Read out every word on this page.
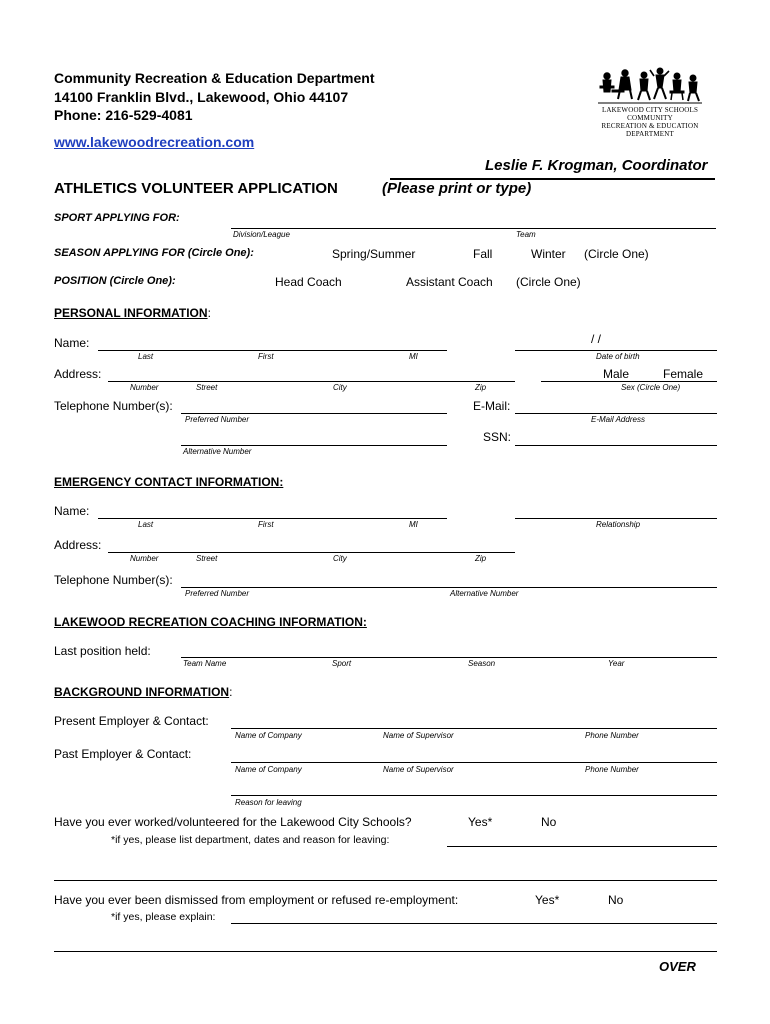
Community Recreation & Education Department
14100 Franklin Blvd., Lakewood, Ohio 44107
Phone: 216-529-4081
www.lakewoodrecreation.com
LAKEWOOD CITY SCHOOLS
COMMUNITY
RECREATION & EDUCATION
DEPARTMENT
Leslie F. Krogman, Coordinator
ATHLETICS VOLUNTEER APPLICATION	(Please print or type)
SPORT APPLYING FOR:
Division/League	Team
SEASON APPLYING FOR (Circle One):	Spring/Summer	Fall	Winter (Circle One)
POSITION (Circle One):	Head Coach	Assistant Coach (Circle One)
PERSONAL INFORMATION:
Name:
Last	First	MI
/ /
Date of birth
Address:
Number	Street	City	Zip
Male	Female
Sex (Circle One)
Telephone Number(s):
Preferred Number
E-Mail:
E-Mail Address
SSN:
Alternative Number
EMERGENCY CONTACT INFORMATION:
Name:
Last	First	MI	Relationship
Address:
Number	Street	City	Zip
Telephone Number(s):
Preferred Number	Alternative Number
LAKEWOOD RECREATION COACHING INFORMATION:
Last position held:
Team Name	Sport	Season	Year
BACKGROUND INFORMATION:
Present Employer & Contact:
Name of Company	Name of Supervisor	Phone Number
Past Employer & Contact:
Name of Company	Name of Supervisor	Phone Number
Reason for leaving
Have you ever worked/volunteered for the Lakewood City Schools?	Yes*	No
*if yes, please list department, dates and reason for leaving:
Have you ever been dismissed from employment or refused re-employment:	Yes*	No
*if yes, please explain:
OVER
